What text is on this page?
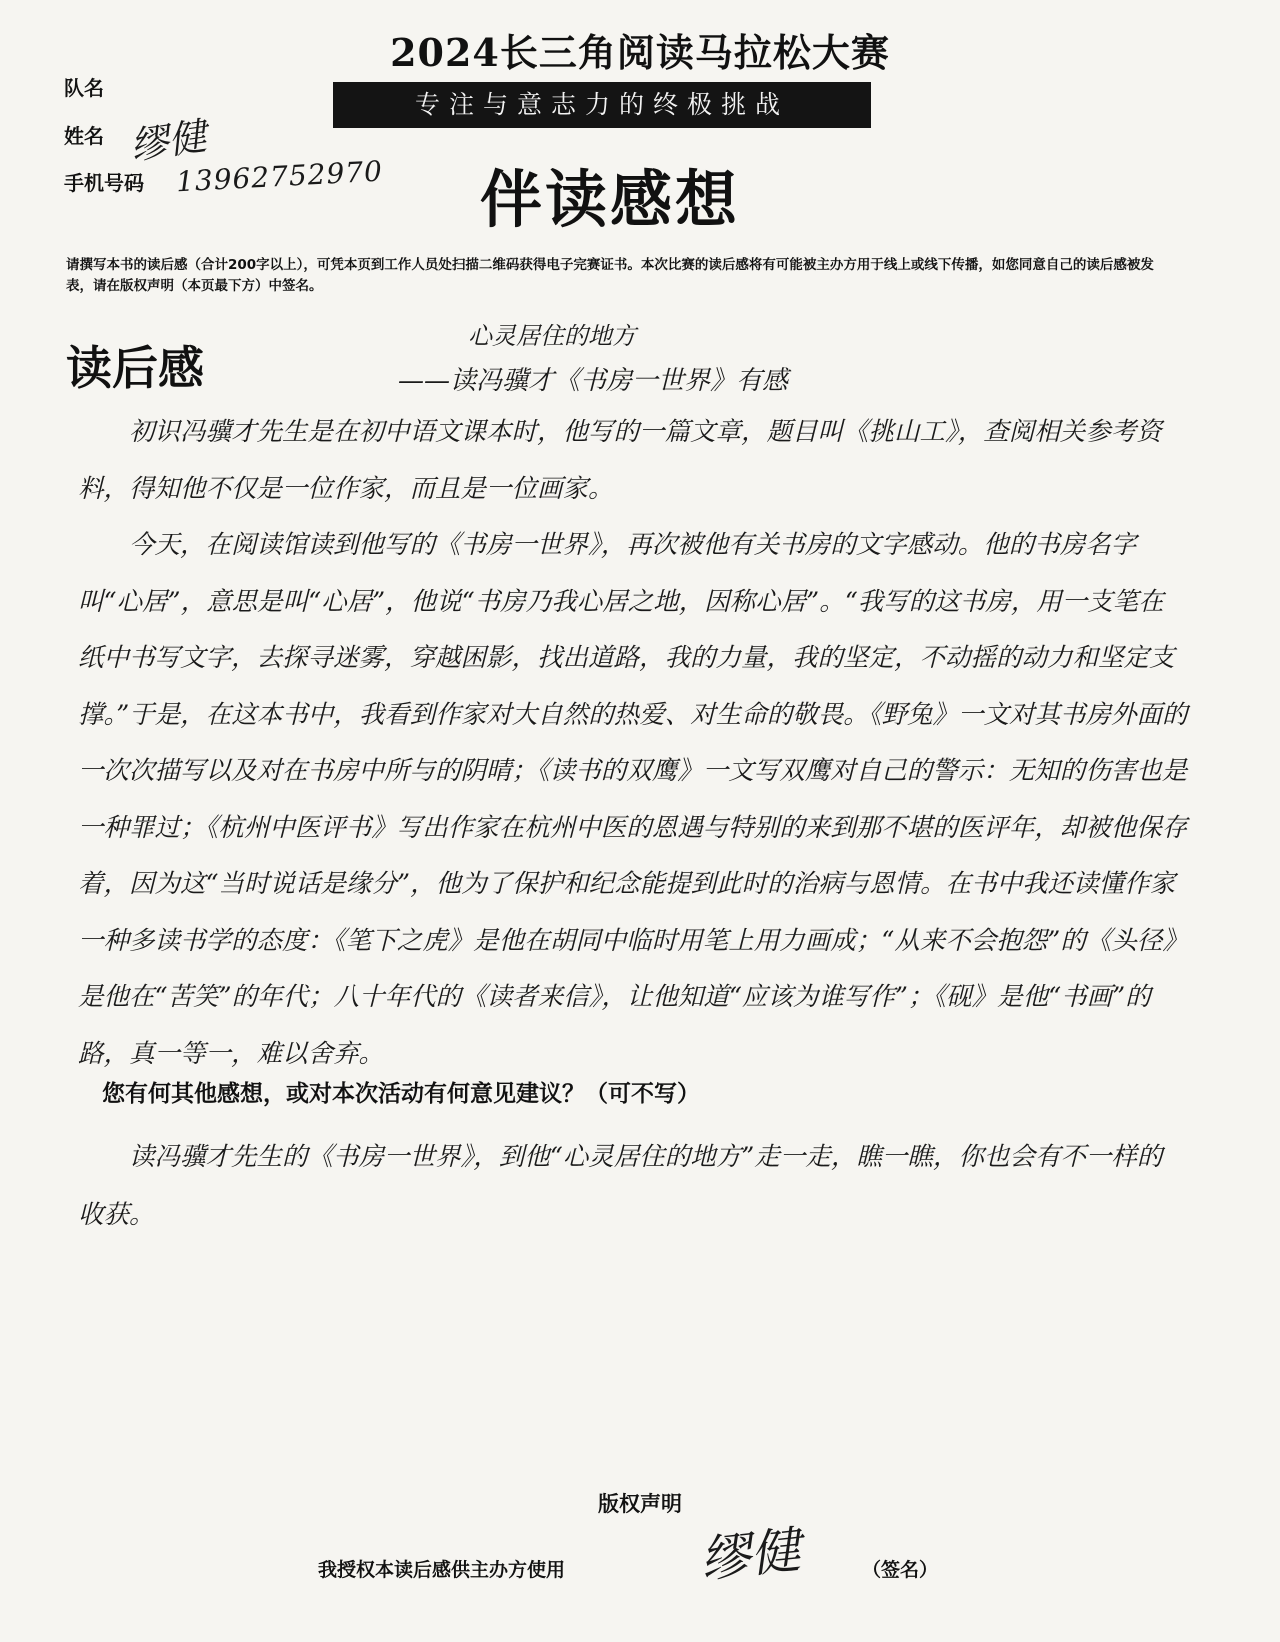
2024长三角阅读马拉松大赛
专注与意志力的终极挑战
队名
姓名 缪健
手机号码 13962752970 伴读感想
请撰写本书的读后感（合计200字以上），可凭本页到工作人员处扫描二维码获得电子完赛证书。本次比赛的读后感将有可能被主办方用于线上或线下传播，如您同意自己的读后感被发表，请在版权声明（本页最下方）中签名。
读后感
心灵居住的地方
——读冯骥才《书房一世界》有感

初识冯骥才先生是在初中语文课本时，他写的一篇文章，题目叫《挑山工》，查阅相关参考资料，得知他不仅是一位作家，而且是一位画家。

今天，在阅读馆读到他写的《书房一世界》，再次被他有关书房的文字感动。他的书房名字叫“心居”，意思是叫“心居”，他说“书房乃我心居之地，因称心居”。“我写的这书房，用一支笔在纸中书写文字，去探寻迷雾，穿越困影，找出道路，我的力量，我的坚定，不动摇的动力和坚定支撑。”于是，在这本书中，我看到作家对大自然的热爱、对生命的敬畏。《野兔》一文对其书房外面的一次次描写以及对在书房中所与的阴晴；《读书的双鹰》一文写双鹰对自己的警示：无知的伤害也是一种罪过；《杭州中医评书》写出作家在杭州中医的恩遇与特别的来到那不堪的医评年，却被他保存着，因为这“当时说话是缘分”，他为了保护和纪念能提到此时的治病与恩情。在书中我还读懂作家一种多读书学的态度：《笔下之虎》是他在胡同中临时用笔上用力画成；“从来不会抱怨”的《头径》是他在“苦笑”的年代；八十年代的《读者来信》，让他知道“应该为谁写作”；《砚》是他“书画”的路，真一等一，难以舍弃。

您有何其他感想，或对本次活动有何意见建议？（可不写）
读冯骥才先生的《书房一世界》，到他“心灵居住的地方”走一走，瞧一瞧，你也会有不一样的收获。
版权声明
我授权本读后感供主办方使用	缪健	（签名）
